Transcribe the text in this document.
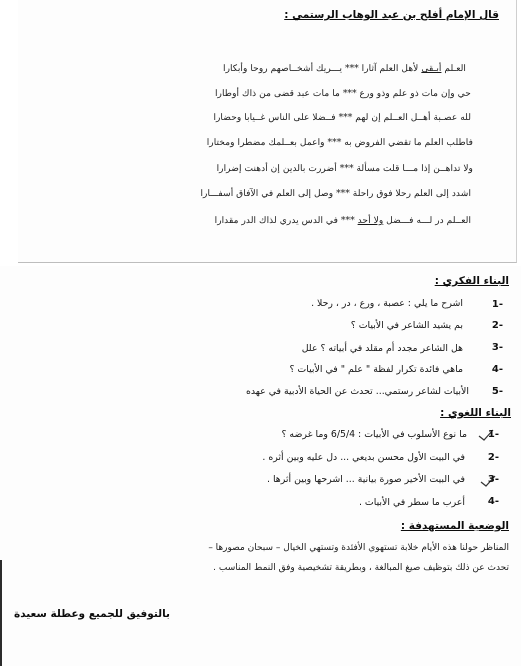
قال الإمام أفلح بن عبد الوهاب الرستمي :
العـلم أبـقى لأهل العلم آثارا *** يـــريك أشخــاصهم روحا وأبكارا
حي وإن مات ذو علم وذو ورع *** ما مات عبد قضى من ذاك أوطارا
لله عصـبة أهــل العــلم إن لهم *** فــضلا على الناس غــيابا وحضارا
فاطلب العلم ما تقضي الفروض به *** واعمل بعــلمك مضطرا ومختارا
ولا تداهــن إذا مـــا قلت مسألة *** أضررت بالدين إن أدهنت إضرارا
اشدد إلى العلم رحلا فوق راحلة *** وصل إلى العلم في الآفاق أسفـــارا
العــلم در لـــه فـــضل ولا أحد *** في الدس يدري لذاك الدر مقدارا
البناء الفكري :
1-
اشرح ما يلي : عصبة ، ورع ، در ، رحلا .
2-
بم يشيد الشاعر في الأبيات ؟
3-
هل الشاعر مجدد أم مقلد في أبياته ؟ علل
4-
ماهي فائدة تكرار لفظة " علم " في الأبيات ؟
5-
الأبيات لشاعر رستمي... تحدث عن الحياة الأدبية في عهده
البناء اللغوي :
1-
ما نوع الأسلوب في الأبيات : 6/5/4 وما غرضه ؟
2-
في البيت الأول محسن بديعي ... دل عليه وبين أثره .
3-
في البيت الأخير صورة بيانية ... اشرحها وبين أثرها .
4-
أعرب ما سطر في الأبيات .
الوضعية المستهدفة :
المناظر حولنا هذه الأيام خلابة تستهوي الأفئدة وتستهي الخيال – سبحان مصورها –
تحدث عن ذلك بتوظيف صيغ المبالغة ، وبطريقة تشخيصية وفق النمط المناسب .
بالتوفيق للجميع وعطلة سعيدة
